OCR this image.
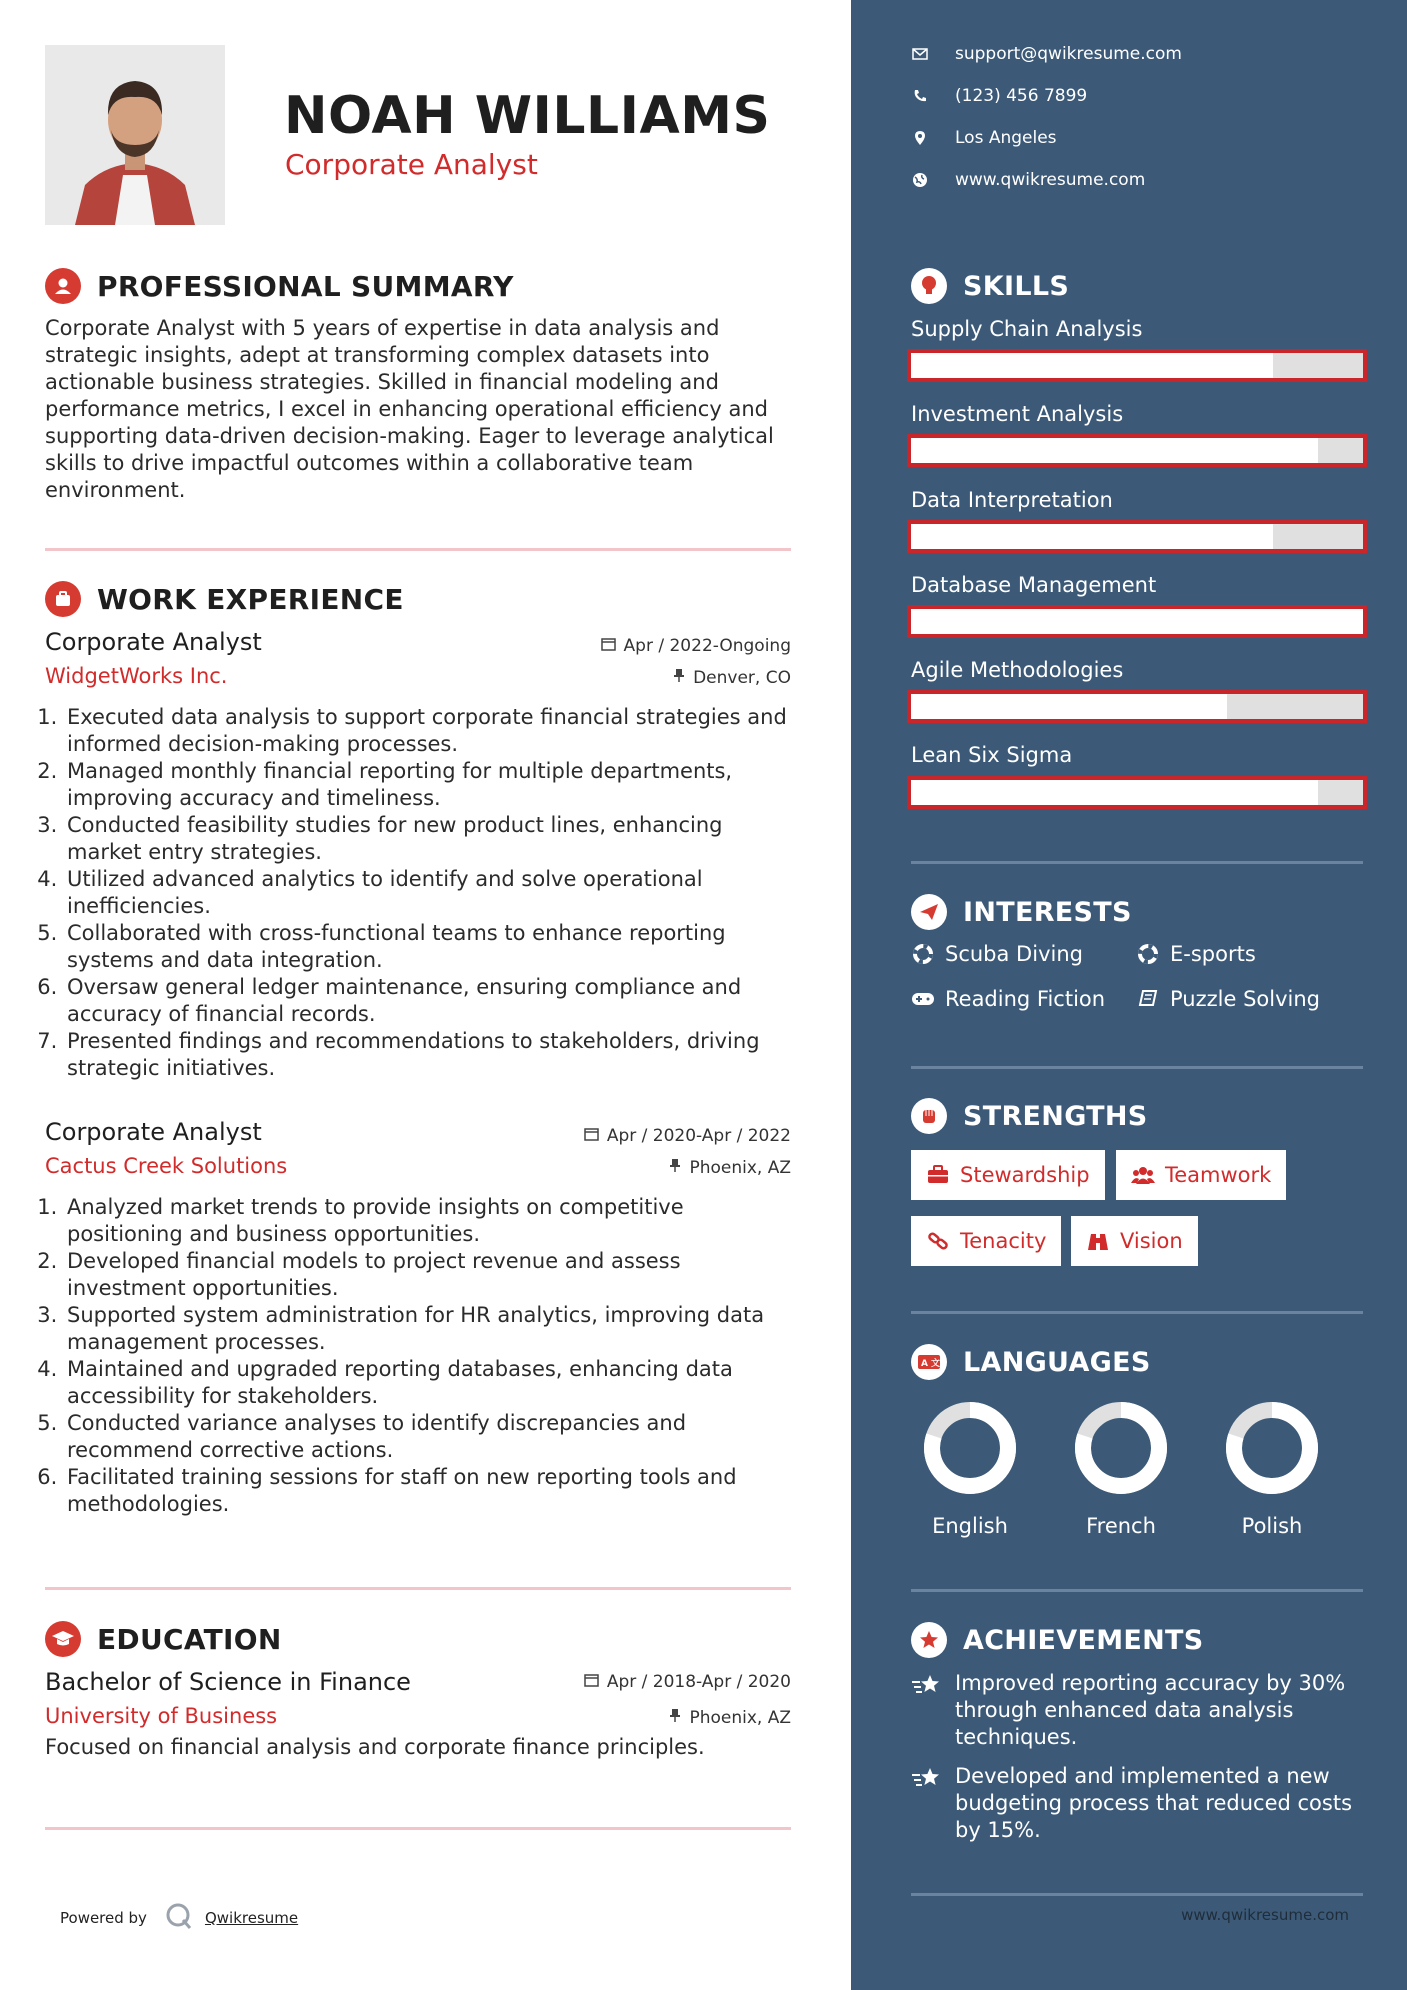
NOAH WILLIAMS
Corporate Analyst
PROFESSIONAL SUMMARY
Corporate Analyst with 5 years of expertise in data analysis and strategic insights, adept at transforming complex datasets into actionable business strategies. Skilled in financial modeling and performance metrics, I excel in enhancing operational efficiency and supporting data-driven decision-making. Eager to leverage analytical skills to drive impactful outcomes within a collaborative team environment.
WORK EXPERIENCE
Apr / 2022-Ongoing
Denver, CO
Corporate Analyst
WidgetWorks Inc.
1. Executed data analysis to support corporate financial strategies and informed decision-making processes.
2. Managed monthly financial reporting for multiple departments, improving accuracy and timeliness.
3. Conducted feasibility studies for new product lines, enhancing market entry strategies.
4. Utilized advanced analytics to identify and solve operational inefficiencies.
5. Collaborated with cross-functional teams to enhance reporting systems and data integration.
6. Oversaw general ledger maintenance, ensuring compliance and accuracy of financial records.
7. Presented findings and recommendations to stakeholders, driving strategic initiatives.
Apr / 2020-Apr / 2022
Phoenix, AZ
Corporate Analyst
Cactus Creek Solutions
1. Analyzed market trends to provide insights on competitive positioning and business opportunities.
2. Developed financial models to project revenue and assess investment opportunities.
3. Supported system administration for HR analytics, improving data management processes.
4. Maintained and upgraded reporting databases, enhancing data accessibility for stakeholders.
5. Conducted variance analyses to identify discrepancies and recommend corrective actions.
6. Facilitated training sessions for staff on new reporting tools and methodologies.
EDUCATION
Apr / 2018-Apr / 2020
Phoenix, AZ
Bachelor of Science in Finance
University of Business
Focused on financial analysis and corporate finance principles.
Powered by	Qwikresume	www.qwikresume.com
support@qwikresume.com
(123) 456 7899
Los Angeles
www.qwikresume.com
SKILLS
Supply Chain Analysis
Investment Analysis
Data Interpretation
Database Management
Agile Methodologies
Lean Six Sigma
INTERESTS
Scuba Diving	E-sports
Reading Fiction	Puzzle Solving
STRENGTHS
Stewardship	Teamwork
Tenacity	Vision
A 文 LANGUAGES
English	French	Polish
ACHIEVEMENTS
Improved reporting accuracy by 30% through enhanced data analysis techniques.
Developed and implemented a new budgeting process that reduced costs by 15%.
